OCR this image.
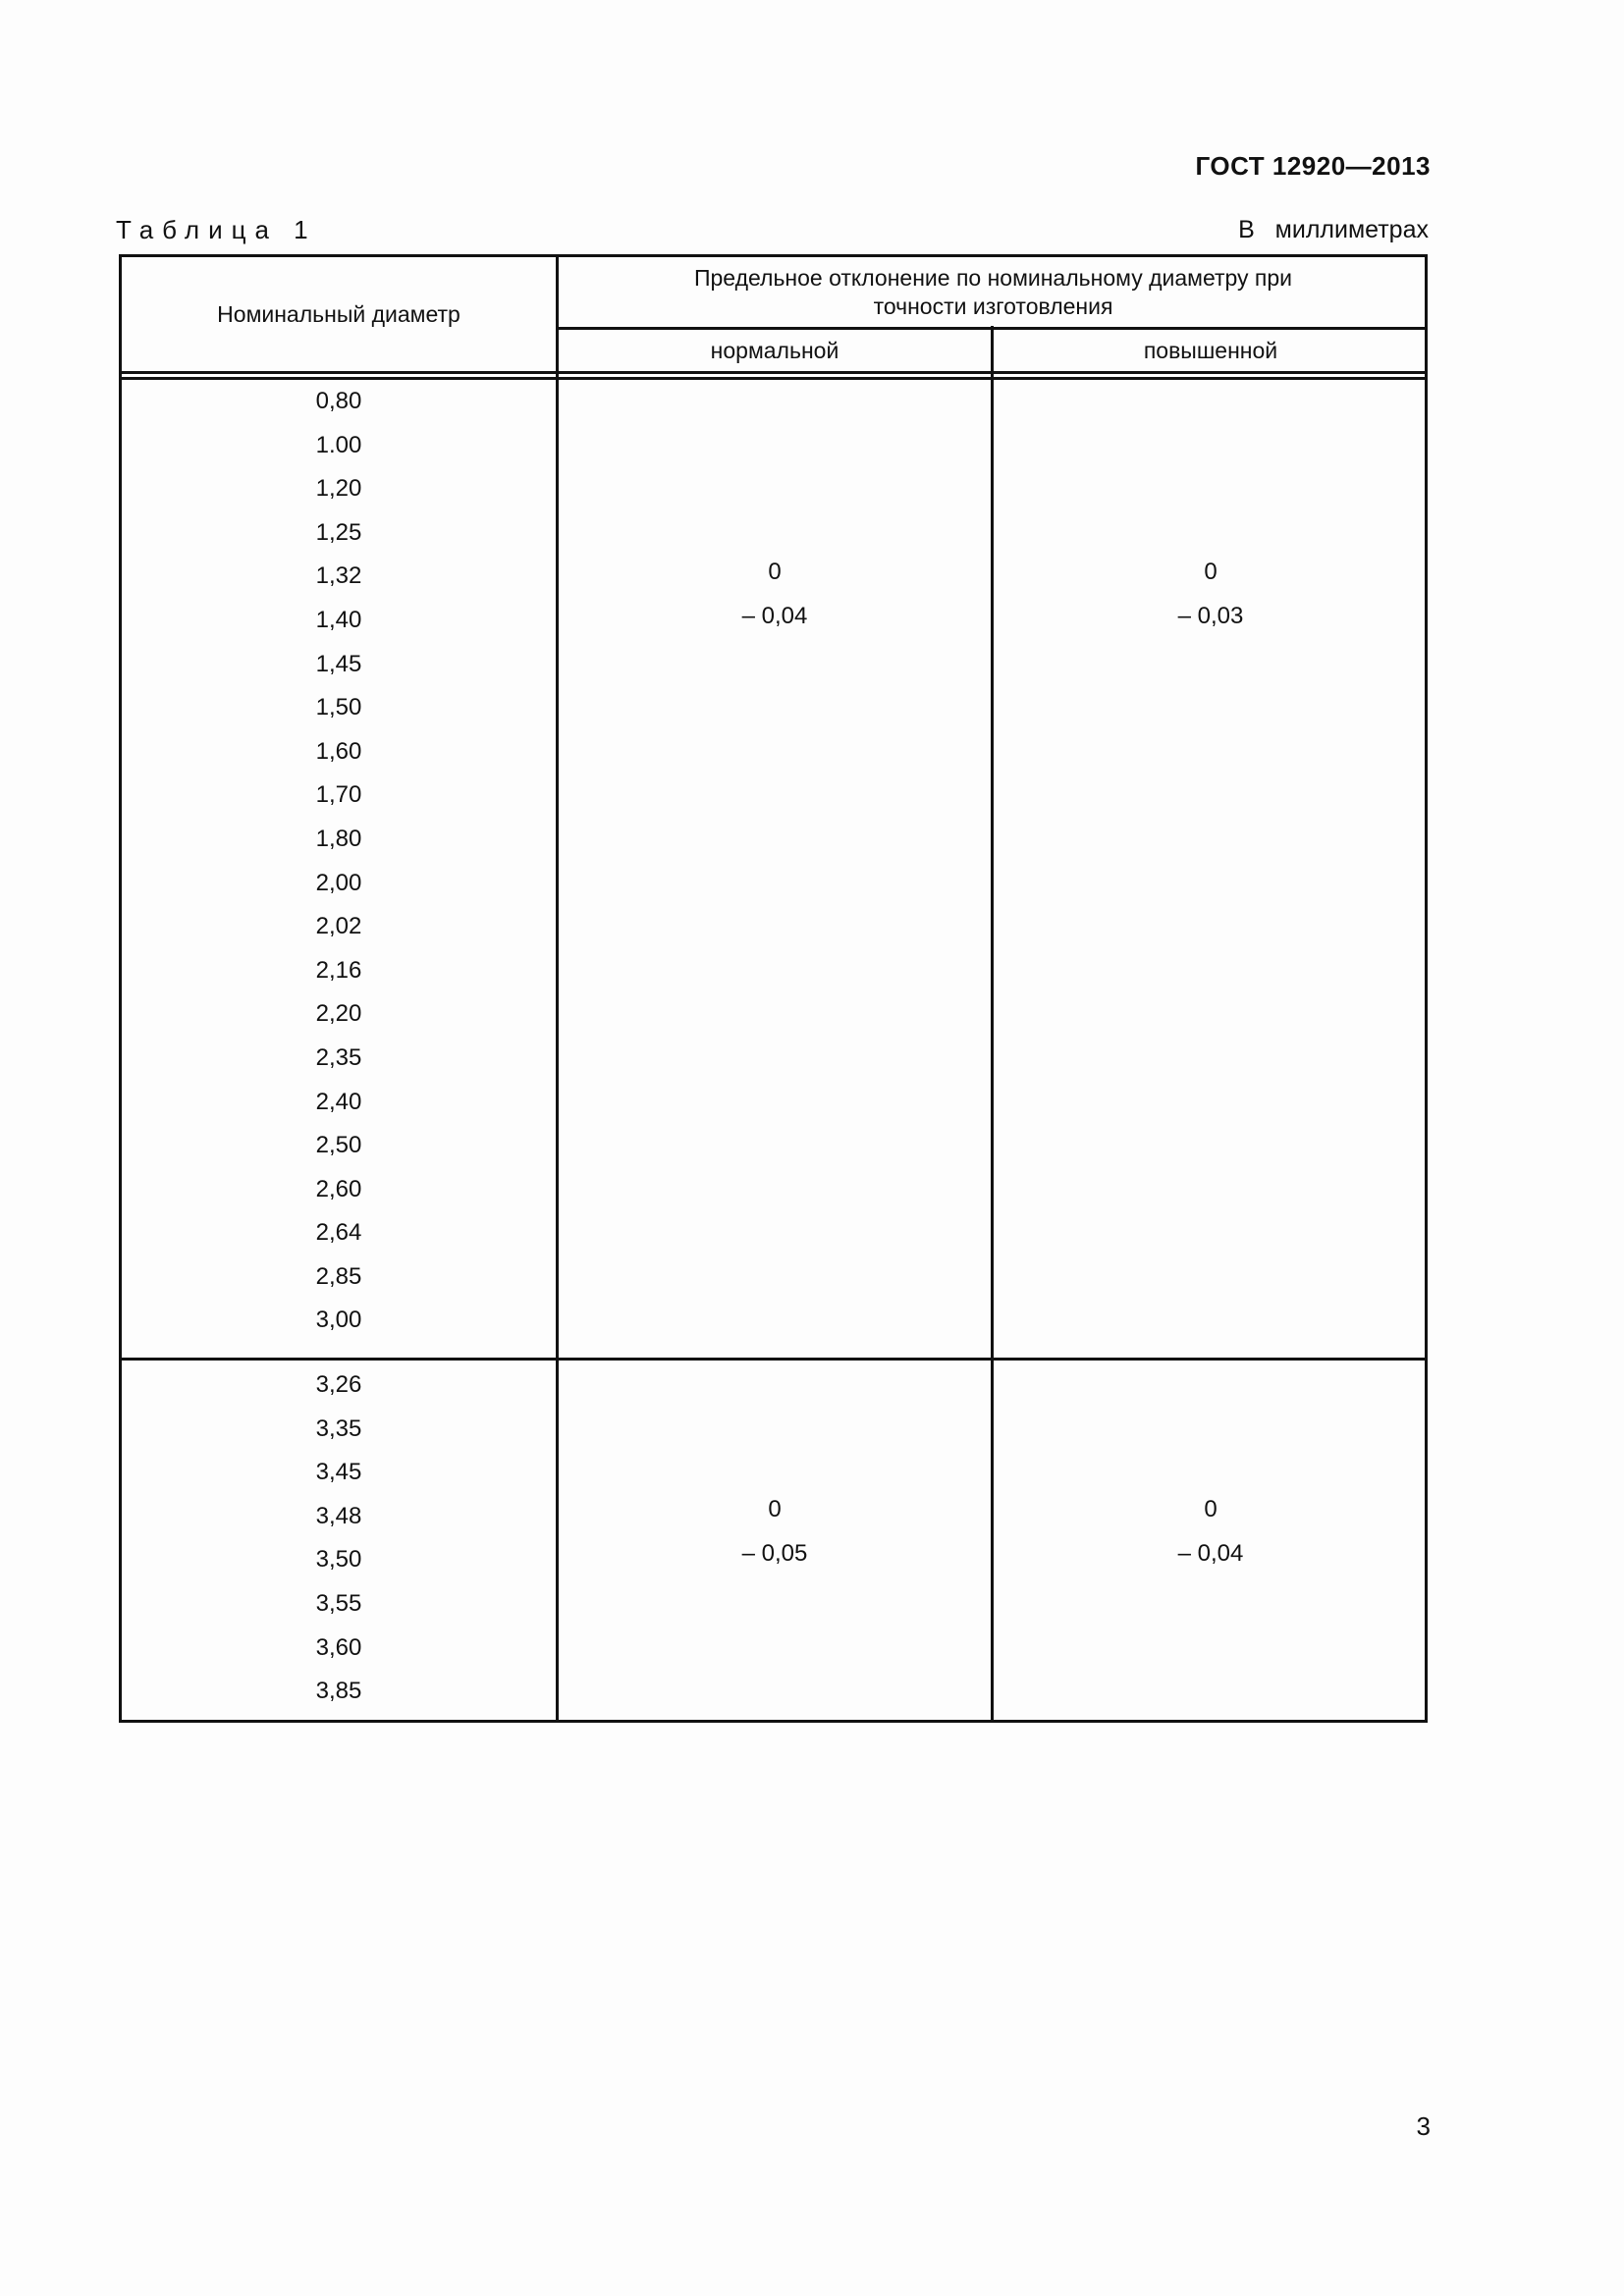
ГОСТ 12920—2013
Таблица 1	В миллиметрах
Номинальный диаметр
Предельное отклонение по номинальному диаметру при точности изготовления
нормальной	повышенной
0,80
1.00
1,20
1,25
1,32
1,40
1,45
1,50
1,60
1,70
1,80
2,00
2,02
2,16
2,20
2,35
2,40
2,50
2,60
2,64
2,85
3,00
0
– 0,04
0
– 0,03
3,26
3,35
3,45
3,48
3,50
3,55
3,60
3,85
0
– 0,05
0
– 0,04
3
